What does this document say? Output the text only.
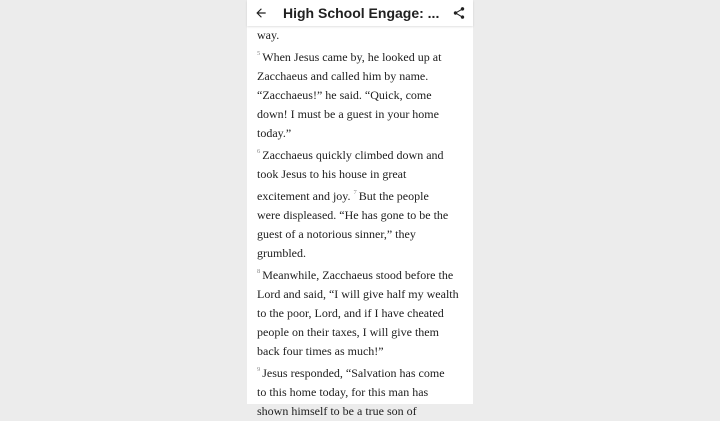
High School Engage: ...

way.

$^5$ When Jesus came by, he looked up at

Zacchaeus and called him by name.

“Zacchaeus!” he said. “Quick, come

down! I must be a guest in your home

today.”

$^6$ Zacchaeus quickly climbed down and

took Jesus to his house in great

excitement and joy. $^7$ But the people

were displeased. “He has gone to be the

guest of a notorious sinner,” they

grumbled.

$^8$ Meanwhile, Zacchaeus stood before the

Lord and said, “I will give half my wealth

to the poor, Lord, and if I have cheated

people on their taxes, I will give them

back four times as much!”

$^9$ Jesus responded, “Salvation has come

to this home today, for this man has

shown himself to be a true son of
